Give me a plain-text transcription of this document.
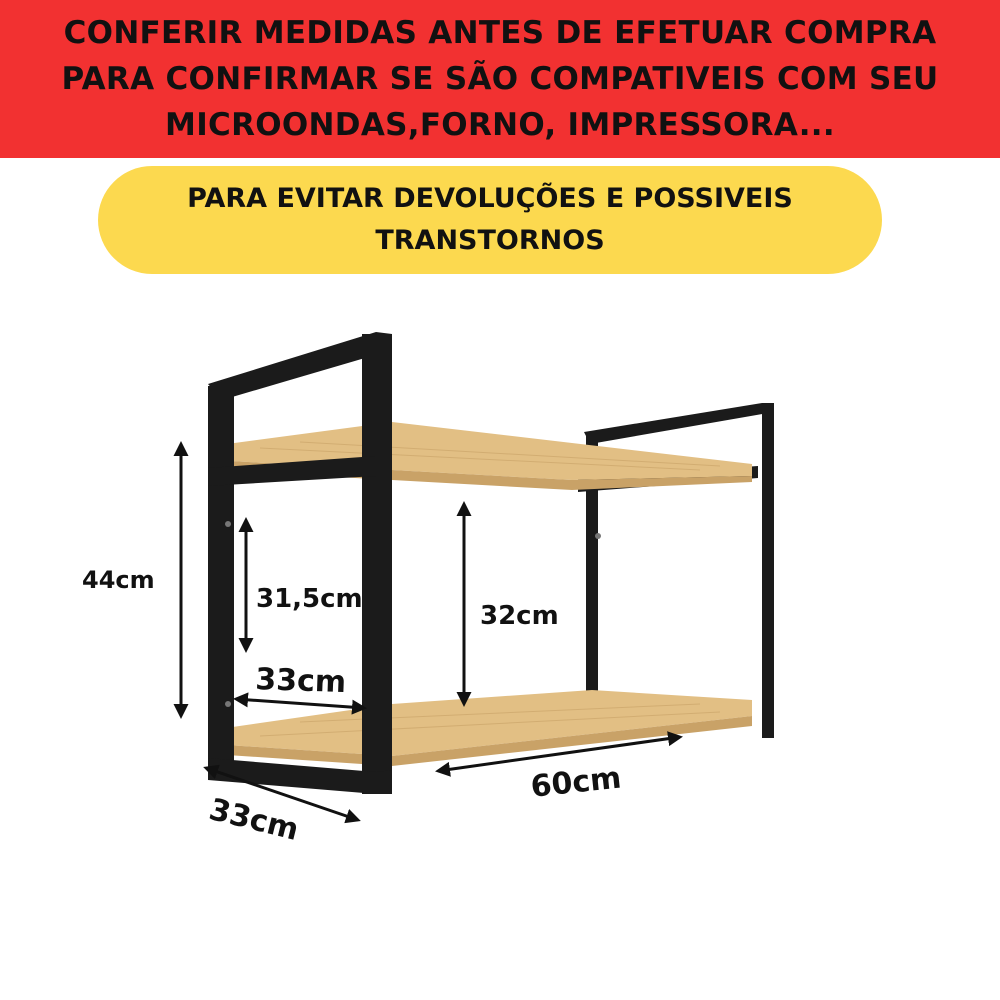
CONFERIR MEDIDAS ANTES DE EFETUAR COMPRA
PARA CONFIRMAR SE SÃO COMPATIVEIS COM SEU
MICROONDAS,FORNO, IMPRESSORA...
PARA EVITAR DEVOLUÇÕES E POSSIVEIS
TRANSTORNOS
44cm
31,5cm
32cm
33cm
33cm
60cm
